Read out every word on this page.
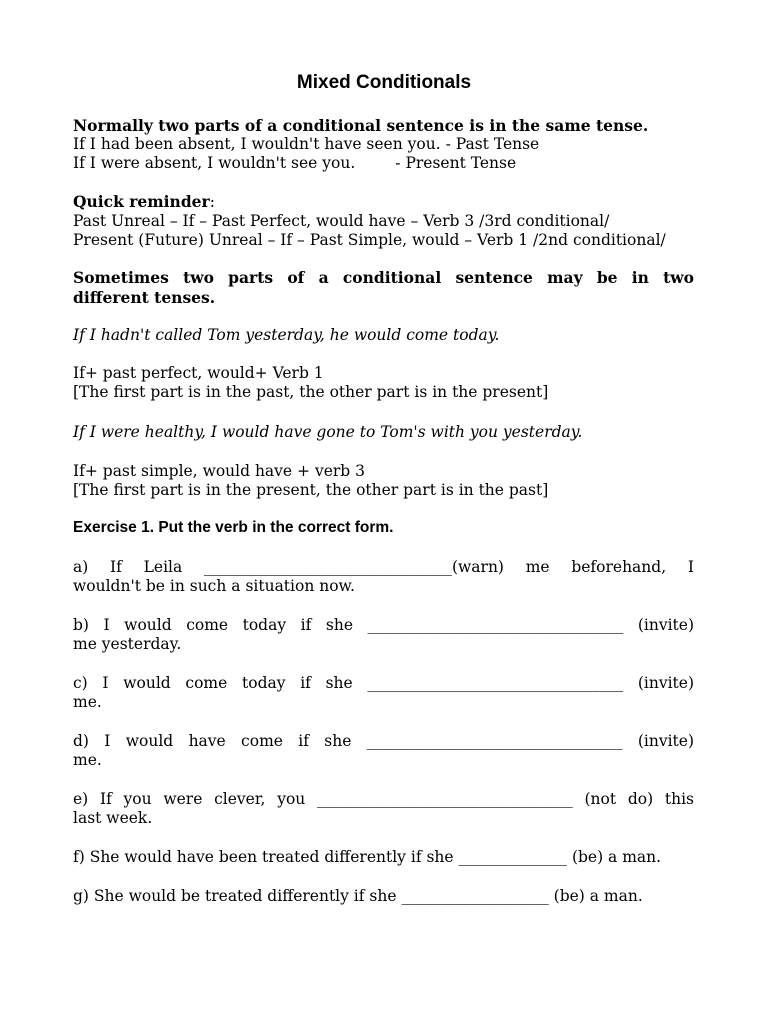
Mixed Conditionals
Normally two parts of a conditional sentence is in the same tense.
If I had been absent, I wouldn't have seen you. - Past Tense
If I were absent, I wouldn't see you.	- Present Tense
Quick reminder:
Past Unreal – If – Past Perfect, would have – Verb 3 /3rd conditional/
Present (Future) Unreal – If – Past Simple, would – Verb 1 /2nd conditional/
Sometimes two parts of a conditional sentence may be in two
different tenses.
If I hadn't called Tom yesterday, he would come today.
If+ past perfect, would+ Verb 1
[The first part is in the past, the other part is in the present]
If I were healthy, I would have gone to Tom's with you yesterday.
If+ past simple, would have + verb 3
[The first part is in the present, the other part is in the past]
Exercise 1. Put the verb in the correct form.
a) If Leila ________________________________(warn) me beforehand, I
wouldn't be in such a situation now.
b) I would come today if she _________________________________ (invite)
me yesterday.
c) I would come today if she _________________________________ (invite)
me.
d) I would have come if she _________________________________ (invite)
me.
e) If you were clever, you _________________________________ (not do) this
last week.
f) She would have been treated differently if she ______________ (be) a man.
g) She would be treated differently if she ___________________ (be) a man.
